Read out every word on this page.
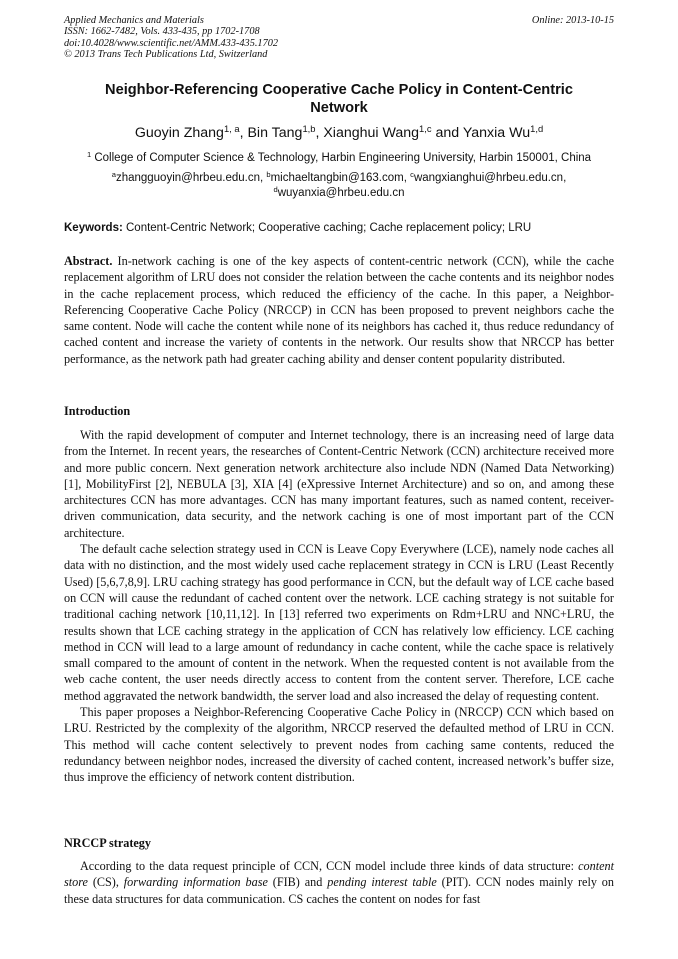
Applied Mechanics and Materials
ISSN: 1662-7482, Vols. 433-435, pp 1702-1708
doi:10.4028/www.scientific.net/AMM.433-435.1702
© 2013 Trans Tech Publications Ltd, Switzerland
Online: 2013-10-15
Neighbor-Referencing Cooperative Cache Policy in Content-Centric
Network
Guoyin Zhang$^{1, a}$, Bin Tang$^{1,b}$, Xianghui Wang$^{1,c}$ and Yanxia Wu$^{1,d}$
$^1$ College of Computer Science & Technology, Harbin Engineering University, Harbin 150001, China
$^a$zhangguoyin@hrbeu.edu.cn, $^b$michaeltangbin@163.com, $^c$wangxianghui@hrbeu.edu.cn,
$^d$wuyanxia@hrbeu.edu.cn
Keywords: Content-Centric Network; Cooperative caching; Cache replacement policy; LRU

Abstract. In-network caching is one of the key aspects of content-centric network (CCN), while the cache replacement algorithm of LRU does not consider the relation between the cache contents and its neighbor nodes in the cache replacement process, which reduced the efficiency of the cache. In this paper, a Neighbor-Referencing Cooperative Cache Policy (NRCCP) in CCN has been proposed to prevent neighbors cache the same content. Node will cache the content while none of its neighbors has cached it, thus reduce redundancy of cached content and increase the variety of contents in the network. Our results show that NRCCP has better performance, as the network path had greater caching ability and denser content popularity distributed.

Introduction

With the rapid development of computer and Internet technology, there is an increasing need of large data from the Internet. In recent years, the researches of Content-Centric Network (CCN) architecture received more and more public concern. Next generation network architecture also include NDN (Named Data Networking) [1], MobilityFirst [2], NEBULA [3], XIA [4] (eXpressive Internet Architecture) and so on, and among these architectures CCN has more advantages. CCN has many important features, such as named content, receiver-driven communication, data security, and the network caching is one of most important part of the CCN architecture.

The default cache selection strategy used in CCN is Leave Copy Everywhere (LCE), namely node caches all data with no distinction, and the most widely used cache replacement strategy in CCN is LRU (Least Recently Used) [5,6,7,8,9]. LRU caching strategy has good performance in CCN, but the default way of LCE cache based on CCN will cause the redundant of cached content over the network. LCE caching strategy is not suitable for traditional caching network [10,11,12]. In [13] referred two experiments on Rdm+LRU and NNC+LRU, the results shown that LCE caching strategy in the application of CCN has relatively low efficiency. LCE caching method in CCN will lead to a large amount of redundancy in cache content, while the cache space is relatively small compared to the amount of content in the network. When the requested content is not available from the web cache content, the user needs directly access to content from the content server. Therefore, LCE cache method aggravated the network bandwidth, the server load and also increased the delay of requesting content.

This paper proposes a Neighbor-Referencing Cooperative Cache Policy in (NRCCP) CCN which based on LRU. Restricted by the complexity of the algorithm, NRCCP reserved the defaulted method of LRU in CCN. This method will cache content selectively to prevent nodes from caching same contents, reduced the redundancy between neighbor nodes, increased the diversity of cached content, increased network’s buffer size, thus improve the efficiency of network content distribution.

NRCCP strategy

According to the data request principle of CCN, CCN model include three kinds of data structure: content store (CS), forwarding information base (FIB) and pending interest table (PIT). CCN nodes mainly rely on these data structures for data communication. CS caches the content on nodes for fast
